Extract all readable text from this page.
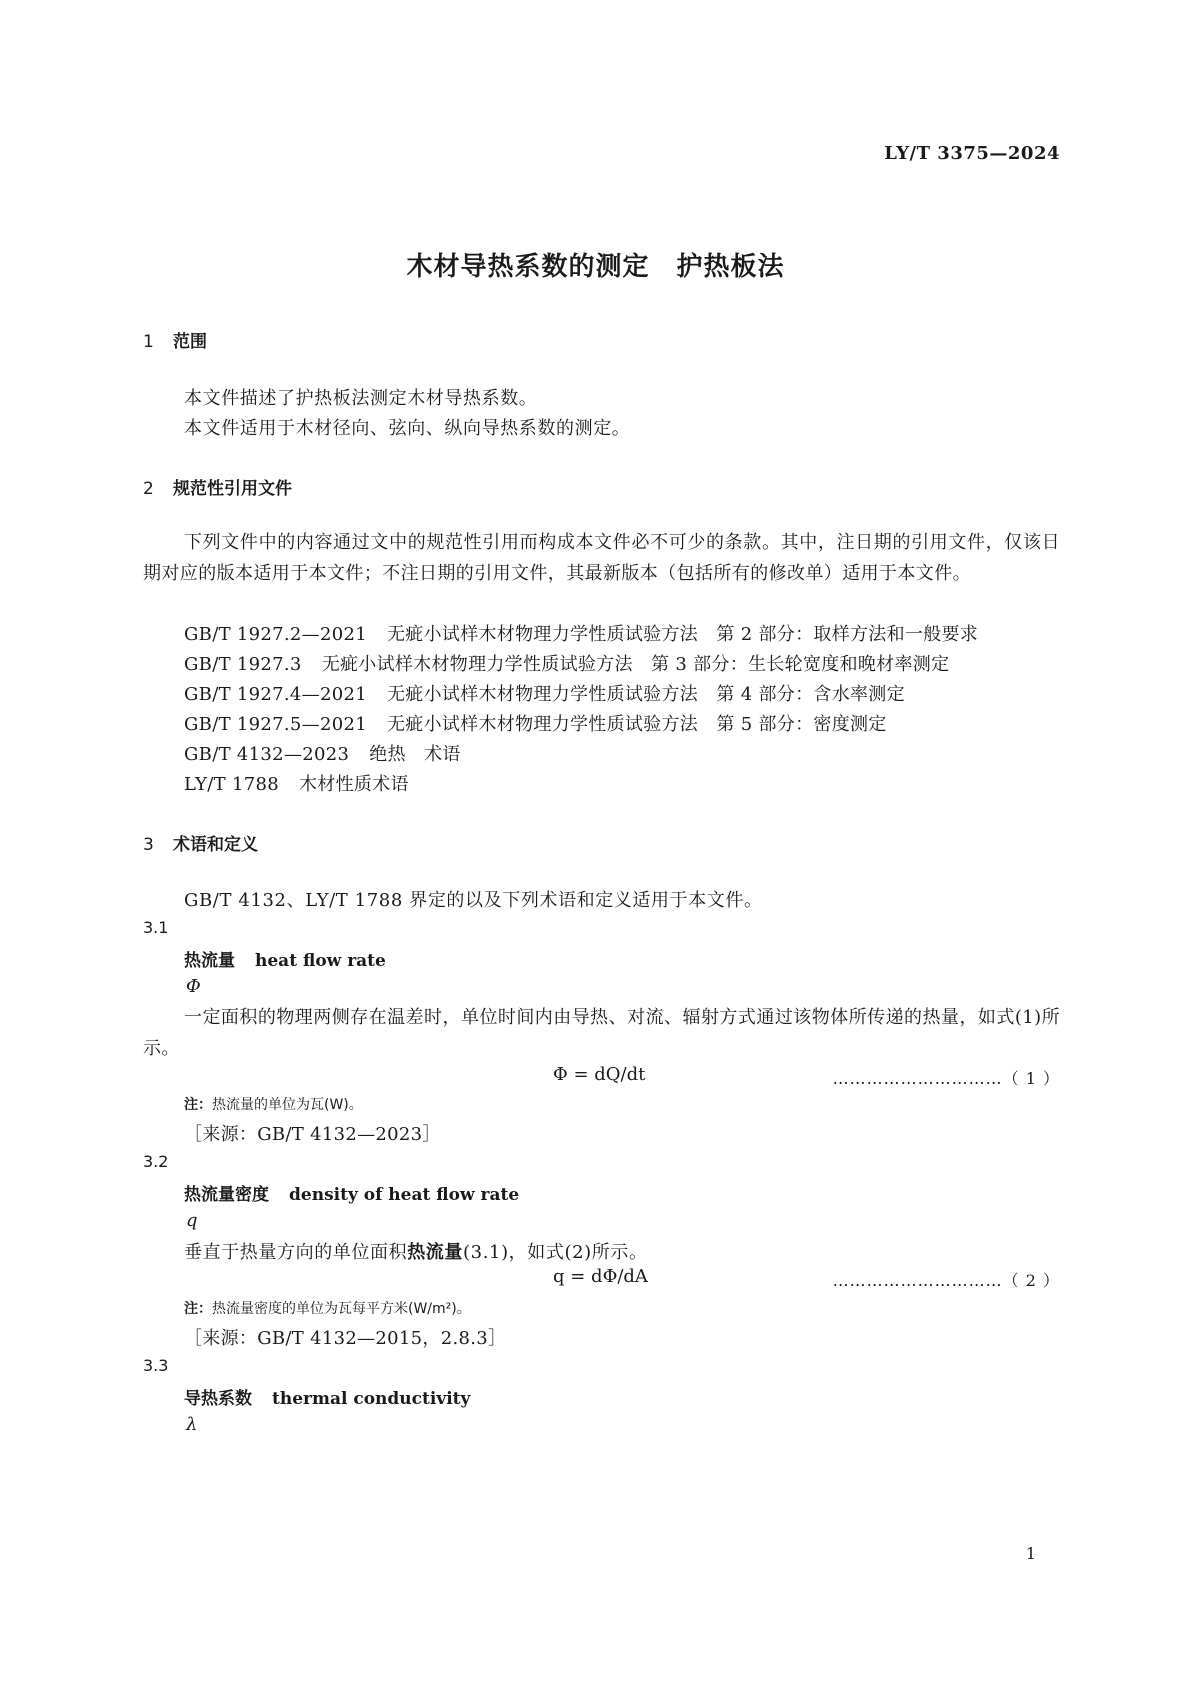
LY/T 3375—2024
木材导热系数的测定　护热板法
1 范围
本文件描述了护热板法测定木材导热系数。
本文件适用于木材径向、弦向、纵向导热系数的测定。
2 规范性引用文件
下列文件中的内容通过文中的规范性引用而构成本文件必不可少的条款。其中，注日期的引用文件，仅该日期对应的版本适用于本文件；不注日期的引用文件，其最新版本（包括所有的修改单）适用于本文件。
GB/T 1927.2—2021 无疵小试样木材物理力学性质试验方法　第 2 部分：取样方法和一般要求
GB/T 1927.3 无疵小试样木材物理力学性质试验方法　第 3 部分：生长轮宽度和晚材率测定
GB/T 1927.4—2021 无疵小试样木材物理力学性质试验方法　第 4 部分：含水率测定
GB/T 1927.5—2021 无疵小试样木材物理力学性质试验方法　第 5 部分：密度测定
GB/T 4132—2023 绝热　术语
LY/T 1788 木材性质术语
3 术语和定义
GB/T 4132、LY/T 1788 界定的以及下列术语和定义适用于本文件。
3.1
热流量 heat flow rate
Φ
一定面积的物理两侧存在温差时，单位时间内由导热、对流、辐射方式通过该物体所传递的热量，如式(1)所示。
Φ = dQ/dt	…………………………（ 1 ）
注：热流量的单位为瓦(W)。
［来源：GB/T 4132—2023］
3.2
热流量密度 density of heat flow rate
q
垂直于热量方向的单位面积热流量(3.1)，如式(2)所示。
q = dΦ/dA	…………………………（ 2 ）
注：热流量密度的单位为瓦每平方米(W/m²)。
［来源：GB/T 4132—2015，2.8.3］
3.3
导热系数 thermal conductivity
λ
1
